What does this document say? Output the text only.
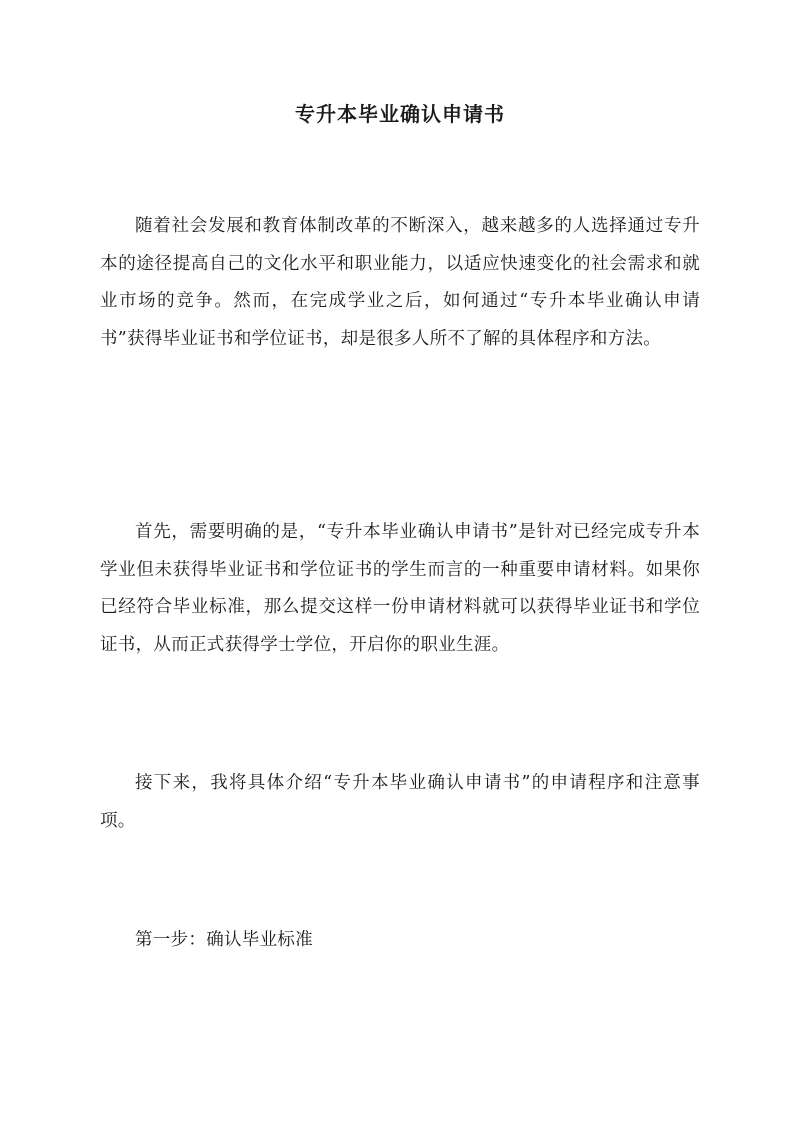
专升本毕业确认申请书

随着社会发展和教育体制改革的不断深入，越来越多的人选择通过专升本的途径提高自己的文化水平和职业能力，以适应快速变化的社会需求和就业市场的竞争。然而，在完成学业之后，如何通过“专升本毕业确认申请书”获得毕业证书和学位证书，却是很多人所不了解的具体程序和方法。

首先，需要明确的是，“专升本毕业确认申请书”是针对已经完成专升本学业但未获得毕业证书和学位证书的学生而言的一种重要申请材料。如果你已经符合毕业标准，那么提交这样一份申请材料就可以获得毕业证书和学位证书，从而正式获得学士学位，开启你的职业生涯。

接下来，我将具体介绍“专升本毕业确认申请书”的申请程序和注意事项。

第一步：确认毕业标准
